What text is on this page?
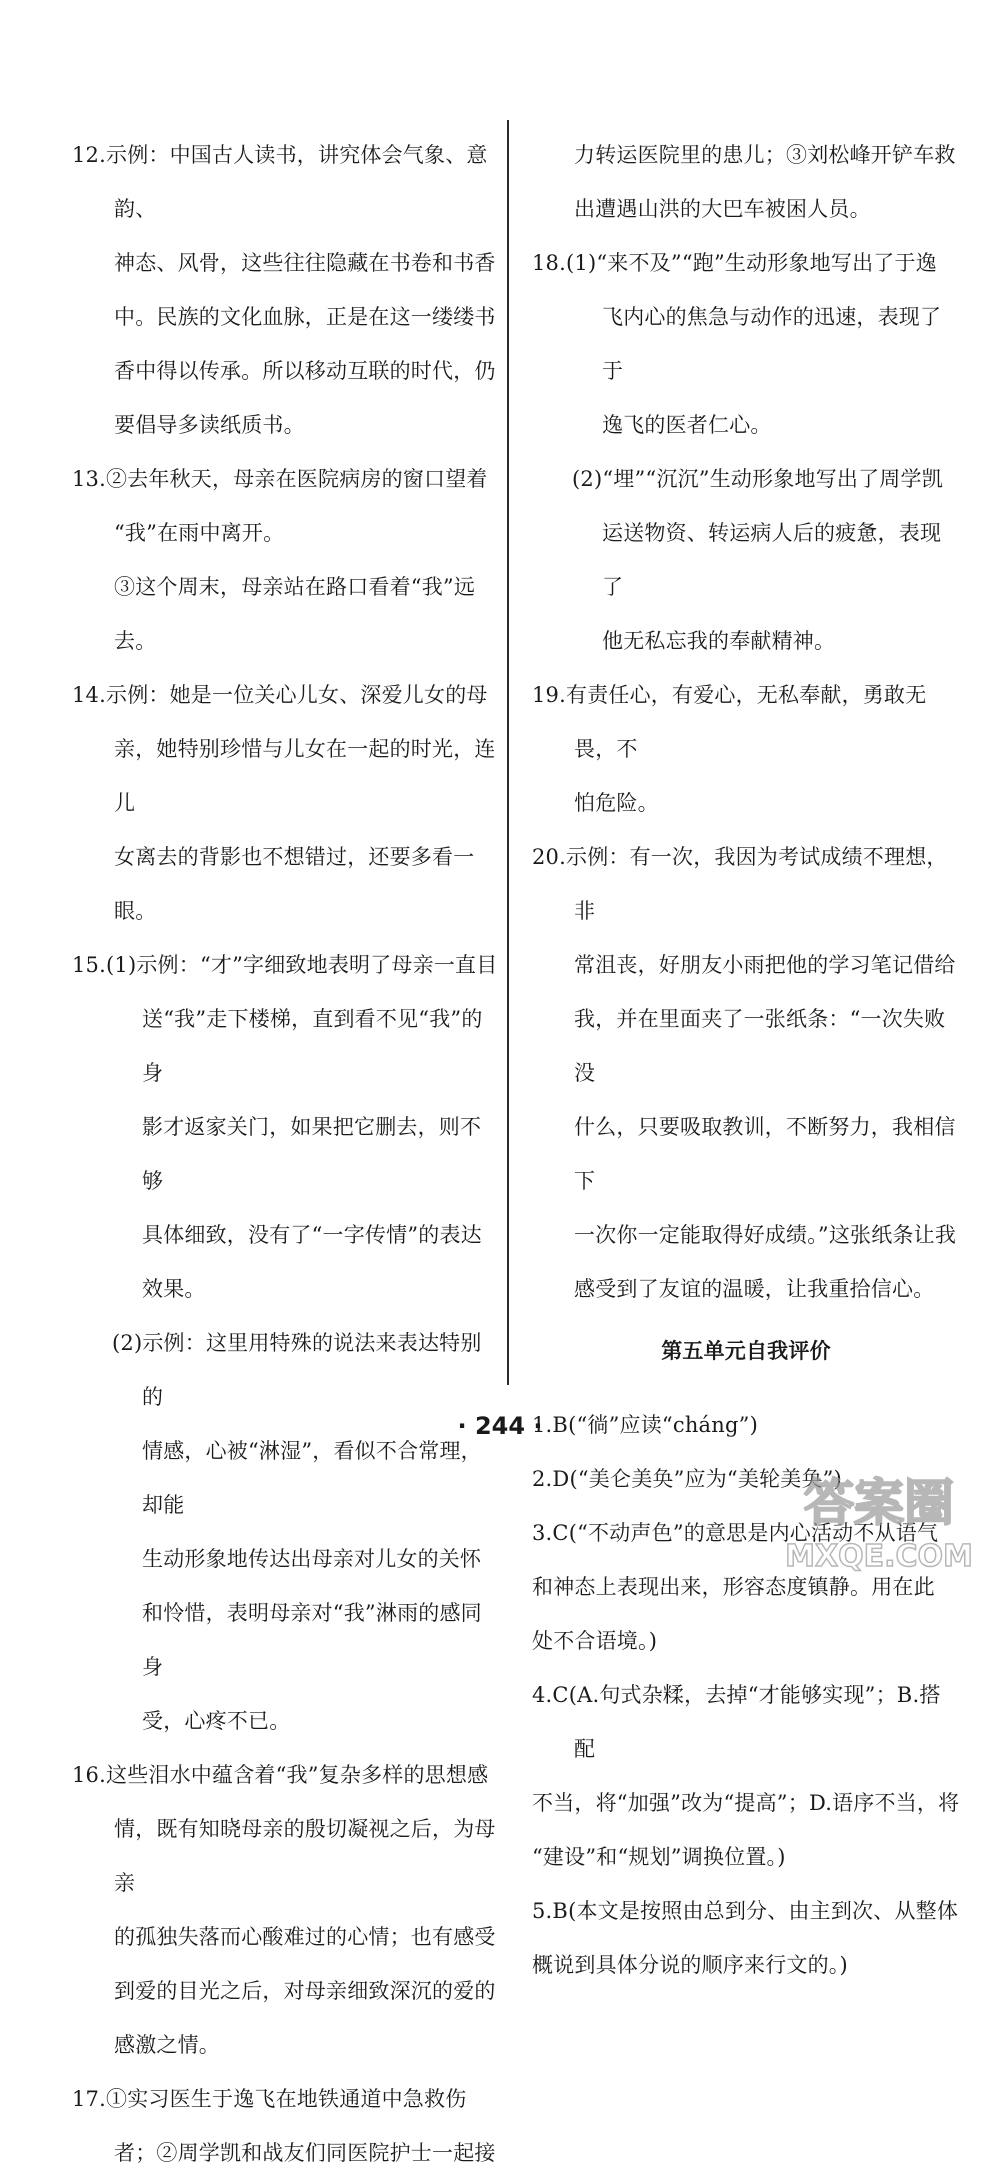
12.示例：中国古人读书，讲究体会气象、意韵、

神态、风骨，这些往往隐藏在书卷和书香

中。民族的文化血脉，正是在这一缕缕书

香中得以传承。所以移动互联的时代，仍

要倡导多读纸质书。

13.②去年秋天，母亲在医院病房的窗口望着

“我”在雨中离开。

③这个周末，母亲站在路口看着“我”远去。

14.示例：她是一位关心儿女、深爱儿女的母

亲，她特别珍惜与儿女在一起的时光，连儿

女离去的背影也不想错过，还要多看一眼。

15.(1)示例：“才”字细致地表明了母亲一直目

送“我”走下楼梯，直到看不见“我”的身

影才返家关门，如果把它删去，则不够

具体细致，没有了“一字传情”的表达

效果。

(2)示例：这里用特殊的说法来表达特别的

情感，心被“淋湿”，看似不合常理，却能

生动形象地传达出母亲对儿女的关怀

和怜惜，表明母亲对“我”淋雨的感同身

受，心疼不已。

16.这些泪水中蕴含着“我”复杂多样的思想感

情，既有知晓母亲的殷切凝视之后，为母亲

的孤独失落而心酸难过的心情；也有感受

到爱的目光之后，对母亲细致深沉的爱的

感激之情。

17.①实习医生于逸飞在地铁通道中急救伤

者；②周学凯和战友们同医院护士一起接

力转运医院里的患儿；③刘松峰开铲车救

出遭遇山洪的大巴车被困人员。

18.(1)“来不及”“跑”生动形象地写出了于逸

飞内心的焦急与动作的迅速，表现了于

逸飞的医者仁心。

(2)“埋”“沉沉”生动形象地写出了周学凯

运送物资、转运病人后的疲惫，表现了

他无私忘我的奉献精神。

19.有责任心，有爱心，无私奉献，勇敢无畏，不

怕危险。

20.示例：有一次，我因为考试成绩不理想，非

常沮丧，好朋友小雨把他的学习笔记借给

我，并在里面夹了一张纸条：“一次失败没

什么，只要吸取教训，不断努力，我相信下

一次你一定能取得好成绩。”这张纸条让我

感受到了友谊的温暖，让我重拾信心。

第五单元自我评价

1.B(“徜”应读“cháng”)

2.D(“美仑美奂”应为“美轮美奂”)

3.C(“不动声色”的意思是内心活动不从语气

和神态上表现出来，形容态度镇静。用在此

处不合语境。)

4.C(A.句式杂糅，去掉“才能够实现”；B.搭配

不当，将“加强”改为“提高”；D.语序不当，将

“建设”和“规划”调换位置。)

5.B(本文是按照由总到分、由主到次、从整体

概说到具体分说的顺序来行文的。)

· 244 ·
答案圈
MXQE.COM
